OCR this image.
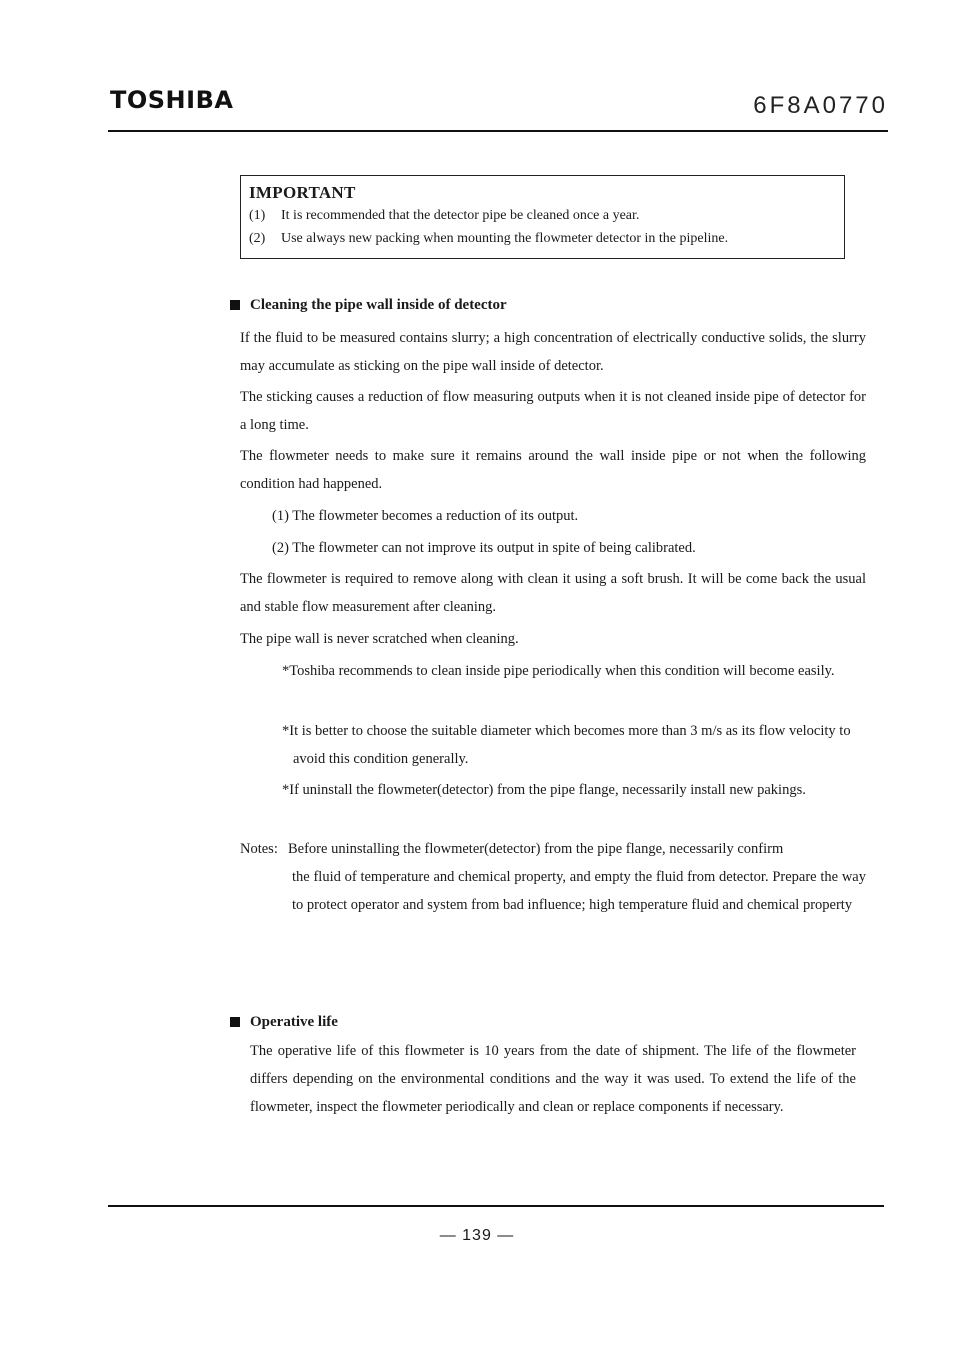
TOSHIBA	6F8A0770
IMPORTANT
(1)	It is recommended that the detector pipe be cleaned once a year.
(2)	Use always new packing when mounting the flowmeter detector in the pipeline.
Cleaning the pipe wall inside of detector

If the fluid to be measured contains slurry; a high concentration of electrically conductive solids, the slurry may accumulate as sticking on the pipe wall inside of detector.

The sticking causes a reduction of flow measuring outputs when it is not cleaned inside pipe of detector for a long time.

The flowmeter needs to make sure it remains around the wall inside pipe or not when the following condition had happened.

(1) The flowmeter becomes a reduction of its output.
(2) The flowmeter can not improve its output in spite of being calibrated.

The flowmeter is required to remove along with clean it using a soft brush. It will be come back the usual and stable flow measurement after cleaning.

The pipe wall is never scratched when cleaning.

*Toshiba recommends to clean inside pipe periodically when this condition will become easily.
*It is better to choose the suitable diameter which becomes more than 3 m/s as its flow velocity to avoid this condition generally.
*If uninstall the flowmeter(detector) from the pipe flange, necessarily install new pakings.
Notes: Before uninstalling the flowmeter(detector) from the pipe flange, necessarily confirm

the fluid of temperature and chemical property, and empty the fluid from detector. Prepare the way to protect operator and system from bad influence; high temperature fluid and chemical property

Operative life

The operative life of this flowmeter is 10 years from the date of shipment. The life of the flowmeter differs depending on the environmental conditions and the way it was used. To extend the life of the flowmeter, inspect the flowmeter periodically and clean or replace components if necessary.

— 139 —
